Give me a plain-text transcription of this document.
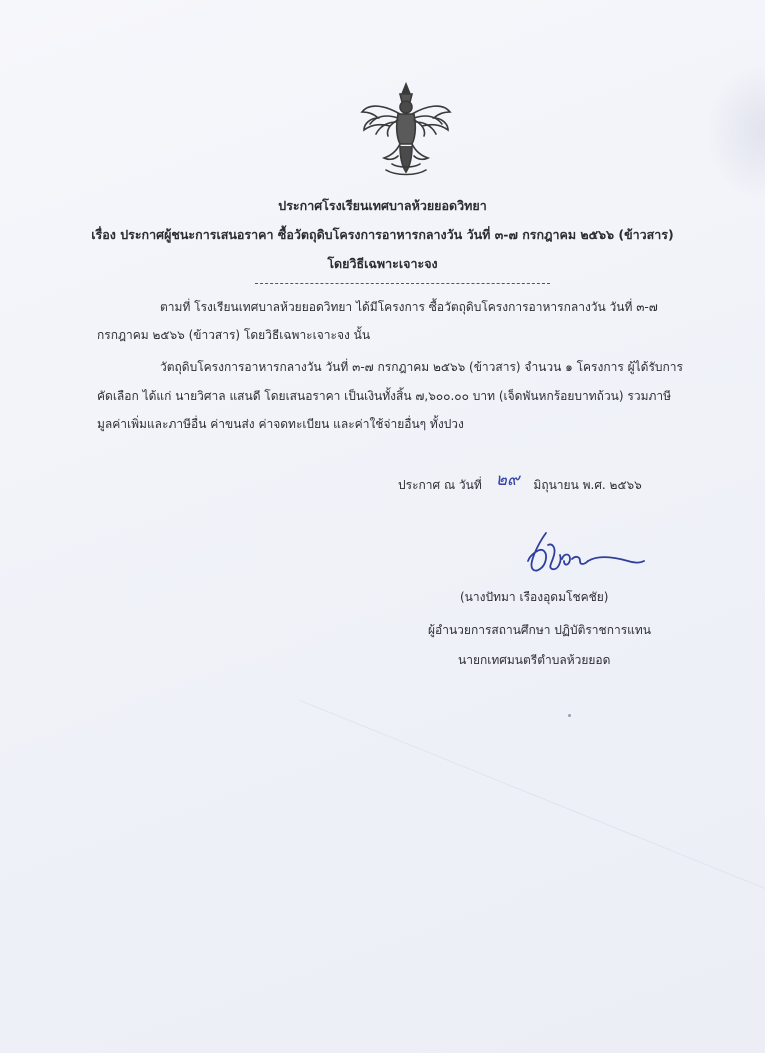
ประกาศโรงเรียนเทศบาลห้วยยอดวิทยา
เรื่อง ประกาศผู้ชนะการเสนอราคา ซื้อวัตถุดิบโครงการอาหารกลางวัน วันที่ ๓-๗ กรกฎาคม ๒๕๖๖ (ข้าวสาร)
โดยวิธีเฉพาะเจาะจง
ตามที่ โรงเรียนเทศบาลห้วยยอดวิทยา ได้มีโครงการ ซื้อวัตถุดิบโครงการอาหารกลางวัน วันที่ ๓-๗
กรกฎาคม ๒๕๖๖ (ข้าวสาร) โดยวิธีเฉพาะเจาะจง นั้น
วัตถุดิบโครงการอาหารกลางวัน วันที่ ๓-๗ กรกฎาคม ๒๕๖๖ (ข้าวสาร) จำนวน ๑ โครงการ ผู้ได้รับการ
คัดเลือก ได้แก่ นายวิศาล แสนดี โดยเสนอราคา เป็นเงินทั้งสิ้น ๗,๖๐๐.๐๐ บาท (เจ็ดพันหกร้อยบาทถ้วน) รวมภาษี
มูลค่าเพิ่มและภาษีอื่น ค่าขนส่ง ค่าจดทะเบียน และค่าใช้จ่ายอื่นๆ ทั้งปวง
ประกาศ ณ วันที่ ๒๙ มิถุนายน พ.ศ. ๒๕๖๖
(นางปัทมา เรืองอุดมโชคชัย)
ผู้อำนวยการสถานศึกษา ปฏิบัติราชการแทน
นายกเทศมนตรีตำบลห้วยยอด
